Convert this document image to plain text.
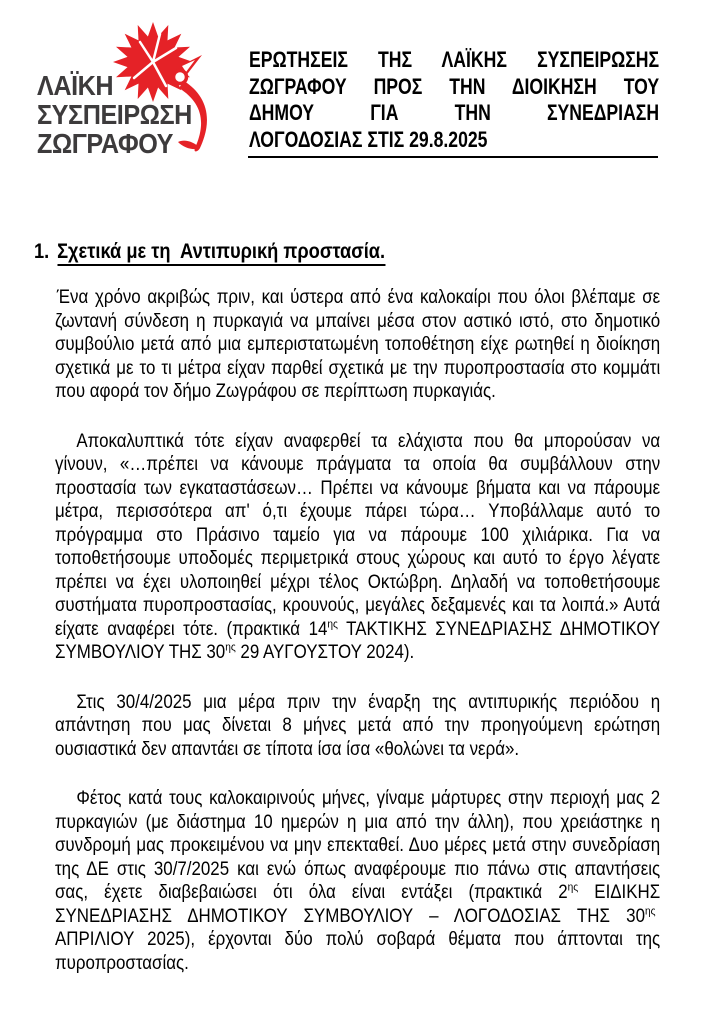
ΛΑΪΚΗ
ΣΥΣΠΕΙΡΩΣΗ
ΖΩΓΡΑΦΟΥ
ΕΡΩΤΗΣΕΙΣ ΤΗΣ ΛΑΪΚΗΣ ΣΥΣΠΕΙΡΩΣΗΣ
ΖΩΓΡΑΦΟΥ ΠΡΟΣ ΤΗΝ ΔΙΟΙΚΗΣΗ ΤΟΥ
ΔΗΜΟΥ ΓΙΑ ΤΗΝ ΣΥΝΕΔΡΙΑΣΗ
ΛΟΓΟΔΟΣΙΑΣ ΣΤΙΣ 29.8.2025
1. Σχετικά με τη  Αντιπυρική προστασία.

Ένα χρόνο ακριβώς πριν, και ύστερα από ένα καλοκαίρι που όλοι βλέπαμε σε ζωντανή σύνδεση η πυρκαγιά να μπαίνει μέσα στον αστικό ιστό, στο δημοτικό συμβούλιο μετά από μια εμπεριστατωμένη τοποθέτηση είχε ρωτηθεί η διοίκηση σχετικά με το τι μέτρα είχαν παρθεί σχετικά με την πυροπροστασία στο κομμάτι που αφορά τον δήμο Ζωγράφου σε περίπτωση πυρκαγιάς.

Αποκαλυπτικά τότε είχαν αναφερθεί τα ελάχιστα που θα μπορούσαν να γίνουν, «…πρέπει να κάνουμε πράγματα τα οποία θα συμβάλλουν στην προστασία των εγκαταστάσεων… Πρέπει να κάνουμε βήματα και να πάρουμε μέτρα, περισσότερα απ' ό,τι έχουμε πάρει τώρα… Υποβάλλαμε αυτό το πρόγραμμα στο Πράσινο ταμείο για να πάρουμε 100 χιλιάρικα. Για να τοποθετήσουμε υποδομές περιμετρικά στους χώρους και αυτό το έργο λέγατε πρέπει να έχει υλοποιηθεί μέχρι τέλος Οκτώβρη. Δηλαδή να τοποθετήσουμε συστήματα πυροπροστασίας, κρουνούς, μεγάλες δεξαμενές και τα λοιπά.» Αυτά είχατε αναφέρει τότε. (πρακτικά $14^{\eta\varsigma}$ ΤΑΚΤΙΚΗΣ ΣΥΝΕΔΡΙΑΣΗΣ ΔΗΜΟΤΙΚΟΥ ΣΥΜΒΟΥΛΙΟΥ ΤΗΣ $30^{\eta\varsigma}$ 29 ΑΥΓΟΥΣΤΟΥ 2024).

Στις 30/4/2025 μια μέρα πριν την έναρξη της αντιπυρικής περιόδου η απάντηση που μας δίνεται 8 μήνες μετά από την προηγούμενη ερώτηση ουσιαστικά δεν απαντάει σε τίποτα ίσα ίσα «θολώνει τα νερά».

Φέτος κατά τους καλοκαιρινούς μήνες, γίναμε μάρτυρες στην περιοχή μας 2 πυρκαγιών (με διάστημα 10 ημερών η μια από την άλλη), που χρειάστηκε η συνδρομή μας προκειμένου να μην επεκταθεί. Δυο μέρες μετά στην συνεδρίαση της ΔΕ στις 30/7/2025 και ενώ όπως αναφέρουμε πιο πάνω στις απαντήσεις σας, έχετε διαβεβαιώσει ότι όλα είναι εντάξει (πρακτικά $2^{\eta\varsigma}$ ΕΙΔΙΚΗΣ ΣΥΝΕΔΡΙΑΣΗΣ ΔΗΜΟΤΙΚΟΥ ΣΥΜΒΟΥΛΙΟΥ – ΛΟΓΟΔΟΣΙΑΣ ΤΗΣ $30^{\eta\varsigma}$  ΑΠΡΙΛΙΟΥ 2025), έρχονται δύο πολύ σοβαρά θέματα που άπτονται της πυροπροστασίας.
